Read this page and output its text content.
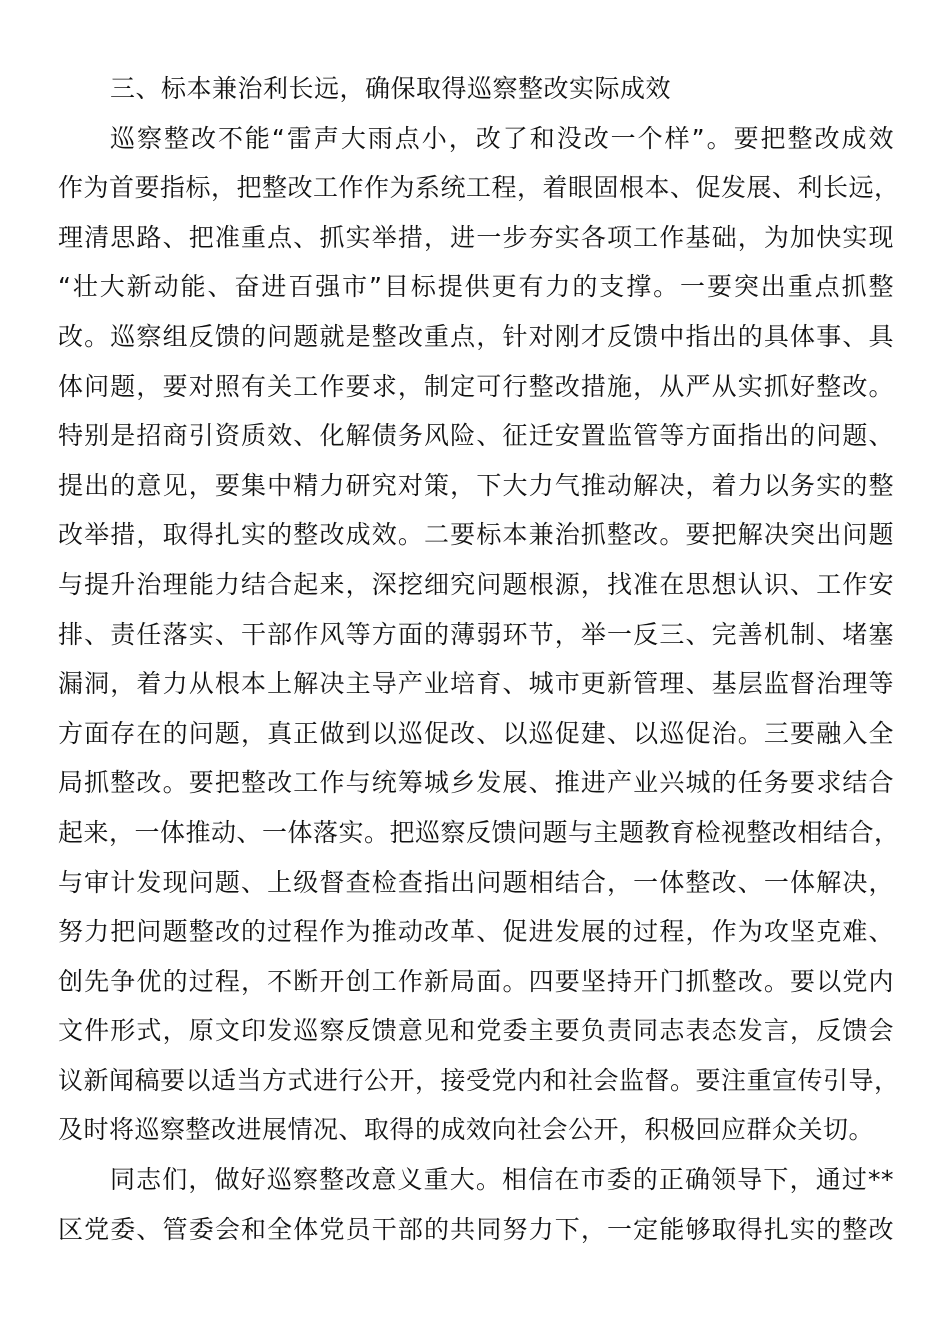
三、标本兼治利长远，确保取得巡察整改实际成效
巡察整改不能“雷声大雨点小，改了和没改一个样”。要把整改成效
作为首要指标，把整改工作作为系统工程，着眼固根本、促发展、利长远，
理清思路、把准重点、抓实举措，进一步夯实各项工作基础，为加快实现
“壮大新动能、奋进百强市”目标提供更有力的支撑。一要突出重点抓整
改。巡察组反馈的问题就是整改重点，针对刚才反馈中指出的具体事、具
体问题，要对照有关工作要求，制定可行整改措施，从严从实抓好整改。
特别是招商引资质效、化解债务风险、征迁安置监管等方面指出的问题、
提出的意见，要集中精力研究对策，下大力气推动解决，着力以务实的整
改举措，取得扎实的整改成效。二要标本兼治抓整改。要把解决突出问题
与提升治理能力结合起来，深挖细究问题根源，找准在思想认识、工作安
排、责任落实、干部作风等方面的薄弱环节，举一反三、完善机制、堵塞
漏洞，着力从根本上解决主导产业培育、城市更新管理、基层监督治理等
方面存在的问题，真正做到以巡促改、以巡促建、以巡促治。三要融入全
局抓整改。要把整改工作与统筹城乡发展、推进产业兴城的任务要求结合
起来，一体推动、一体落实。把巡察反馈问题与主题教育检视整改相结合，
与审计发现问题、上级督查检查指出问题相结合，一体整改、一体解决，
努力把问题整改的过程作为推动改革、促进发展的过程，作为攻坚克难、
创先争优的过程，不断开创工作新局面。四要坚持开门抓整改。要以党内
文件形式，原文印发巡察反馈意见和党委主要负责同志表态发言，反馈会
议新闻稿要以适当方式进行公开，接受党内和社会监督。要注重宣传引导，
及时将巡察整改进展情况、取得的成效向社会公开，积极回应群众关切。
同志们，做好巡察整改意义重大。相信在市委的正确领导下，通过**
区党委、管委会和全体党员干部的共同努力下，一定能够取得扎实的整改
